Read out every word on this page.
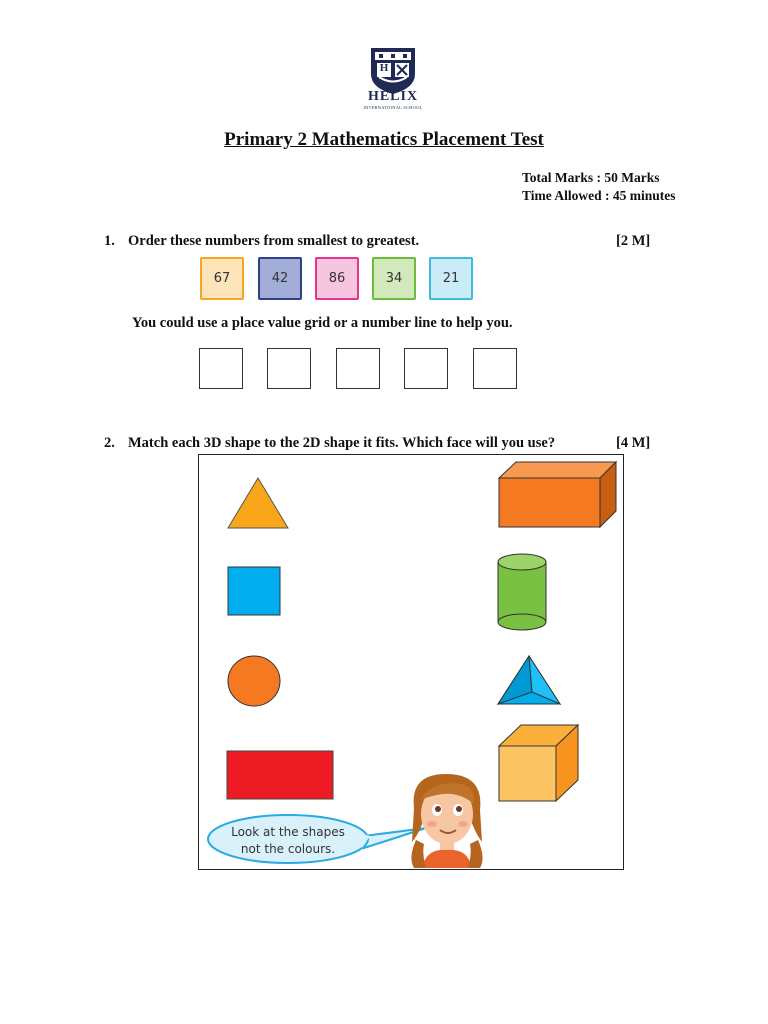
H
HELIX
INTERNATIONAL SCHOOL
Primary 2 Mathematics Placement Test
Total Marks : 50 Marks
Time Allowed : 45 minutes
1. Order these numbers from smallest to greatest.	[2 M]
67	42	86	34	21
You could use a place value grid or a number line to help you.
2. Match each 3D shape to the 2D shape it fits. Which face will you use?	[4 M]
Look at the shapes
not the colours.
